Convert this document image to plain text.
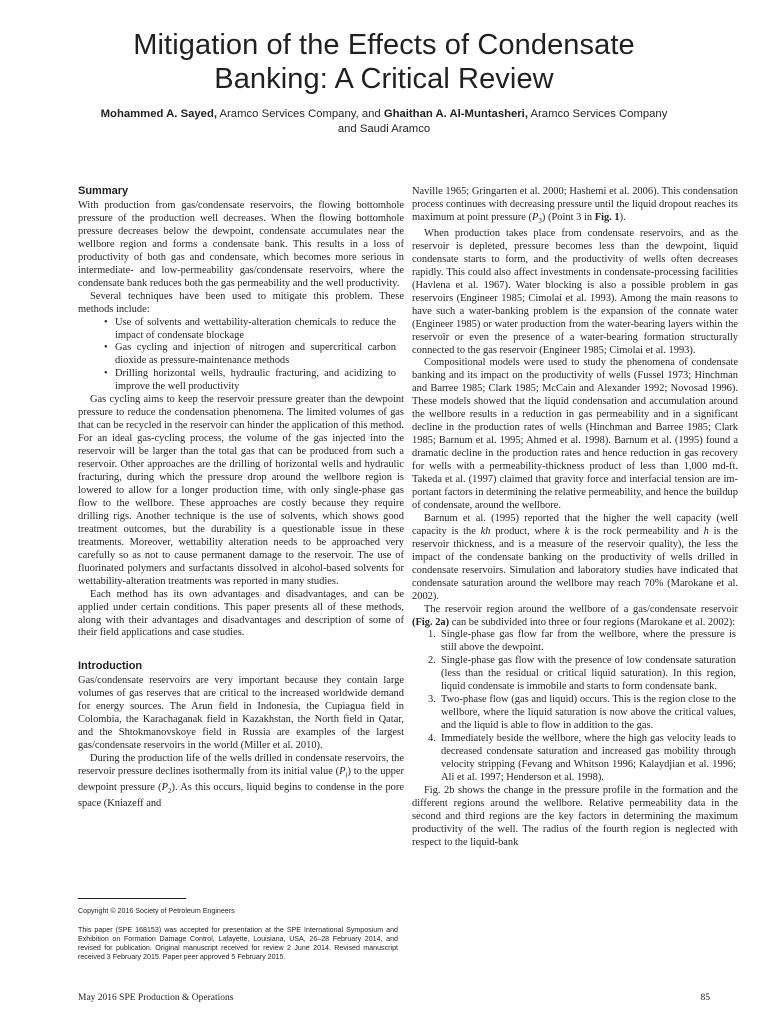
Mitigation of the Effects of Condensate
Banking: A Critical Review
Mohammed A. Sayed, Aramco Services Company, and Ghaithan A. Al-Muntasheri, Aramco Services Company
and Saudi Aramco
Summary

With production from gas/condensate reservoirs, the flowing bottomhole pressure of the production well decreases. When the flowing bottomhole pressure decreases below the dewpoint, condensate accumulates near the wellbore region and forms a condensate bank. This results in a loss of productivity of both gas and condensate, which becomes more serious in intermediate- and low-permeability gas/condensate reservoirs, where the condensate bank reduces both the gas permeability and the well productivity.

Several techniques have been used to mitigate this problem. These methods include:

• Use of solvents and wettability-alteration chemicals to reduce the impact of condensate blockage
• Gas cycling and injection of nitrogen and supercritical carbon dioxide as pressure-maintenance methods
• Drilling horizontal wells, hydraulic fracturing, and acidizing to improve the well productivity

Gas cycling aims to keep the reservoir pressure greater than the dewpoint pressure to reduce the condensation phenomena. The limited volumes of gas that can be recycled in the reservoir can hinder the application of this method. For an ideal gas-cycling process, the volume of the gas injected into the reservoir will be larger than the total gas that can be produced from such a reservoir. Other approaches are the drilling of horizontal wells and hydraulic fracturing, during which the pressure drop around the wellbore region is lowered to allow for a longer production time, with only single-phase gas flow to the wellbore. These approaches are costly because they require drilling rigs. Another technique is the use of solvents, which shows good treatment outcomes, but the durability is a questionable issue in these treatments. Moreover, wettability alteration needs to be approached very carefully so as not to cause permanent damage to the reservoir. The use of fluorinated polymers and surfactants dissolved in alcohol-based solvents for wettability-alteration treatments was reported in many studies.

Each method has its own advantages and disadvantages, and can be applied under certain conditions. This paper presents all of these methods, along with their advantages and disadvantages and description of some of their field applications and case studies.

Introduction

Gas/condensate reservoirs are very important because they contain large volumes of gas reserves that are critical to the increased worldwide demand for energy sources. The Arun field in Indonesia, the Cupiagua field in Colombia, the Karachaganak field in Kazakhstan, the North field in Qatar, and the Shtokmanovskoye field in Russia are examples of the largest gas/condensate reservoirs in the world (Miller et al. 2010).

During the production life of the wells drilled in condensate reservoirs, the reservoir pressure declines isothermally from its initial value $(P_i)$ to the upper dewpoint pressure $(P_2)$. As this occurs, liquid begins to condense in the pore space (Kniazeff and

Naville 1965; Gringarten et al. 2000; Hashemi et al. 2006). This condensation process continues with decreasing pressure until the liquid dropout reaches its maximum at point pressure $(P_3)$ (Point 3 in Fig. 1).

When production takes place from condensate reservoirs, and as the reservoir is depleted, pressure becomes less than the dewpoint, liquid condensate starts to form, and the productivity of wells often decreases rapidly. This could also affect investments in condensate-processing facilities (Havlena et al. 1967). Water blocking is also a possible problem in gas reservoirs (Engineer 1985; Cimolai et al. 1993). Among the main reasons to have such a water-banking problem is the expansion of the connate water (Engineer 1985) or water production from the water-bearing layers within the reservoir or even the presence of a water-bearing formation structurally connected to the gas reservoir (Engineer 1985; Cimolai et al. 1993).

Compositional models were used to study the phenomena of condensate banking and its impact on the productivity of wells (Fussel 1973; Hinchman and Barree 1985; Clark 1985; McCain and Alexander 1992; Novosad 1996). These models showed that the liquid condensation and accumulation around the wellbore results in a reduction in gas permeability and in a significant decline in the production rates of wells (Hinchman and Barree 1985; Clark 1985; Barnum et al. 1995; Ahmed et al. 1998). Barnum et al. (1995) found a dramatic decline in the production rates and hence reduction in gas recovery for wells with a permeability-thickness product of less than 1,000 md-ft. Takeda et al. (1997) claimed that gravity force and interfacial tension are important factors in determining the relative permeability, and hence the buildup of condensate, around the wellbore.

Barnum et al. (1995) reported that the higher the well capacity (well capacity is the kh product, where k is the rock permeability and h is the reservoir thickness, and is a measure of the reservoir quality), the less the impact of the condensate banking on the productivity of wells drilled in condensate reservoirs. Simulation and laboratory studies have indicated that condensate saturation around the wellbore may reach 70% (Marokane et al. 2002).

The reservoir region around the wellbore of a gas/condensate reservoir (Fig. 2a) can be subdivided into three or four regions (Marokane et al. 2002):

1. Single-phase gas flow far from the wellbore, where the pressure is still above the dewpoint.
2. Single-phase gas flow with the presence of low condensate saturation (less than the residual or critical liquid saturation). In this region, liquid condensate is immobile and starts to form condensate bank.
3. Two-phase flow (gas and liquid) occurs. This is the region close to the wellbore, where the liquid saturation is now above the critical values, and the liquid is able to flow in addition to the gas.
4. Immediately beside the wellbore, where the high gas velocity leads to decreased condensate saturation and increased gas mobility through velocity stripping (Fevang and Whitson 1996; Kalaydjian et al. 1996; Ali et al. 1997; Henderson et al. 1998).

Fig. 2b shows the change in the pressure profile in the formation and the different regions around the wellbore. Relative permeability data in the second and third regions are the key factors in determining the maximum productivity of the well. The radius of the fourth region is neglected with respect to the liquid-bank

Copyright © 2016 Society of Petroleum Engineers

This paper (SPE 168153) was accepted for presentation at the SPE International Symposium and Exhibition on Formation Damage Control, Lafayette, Louisiana, USA, 26–28 February 2014, and revised for publication. Original manuscript received for review 2 June 2014. Revised manuscript received 3 February 2015. Paper peer approved 5 February 2015.

May 2016 SPE Production & Operations	85
